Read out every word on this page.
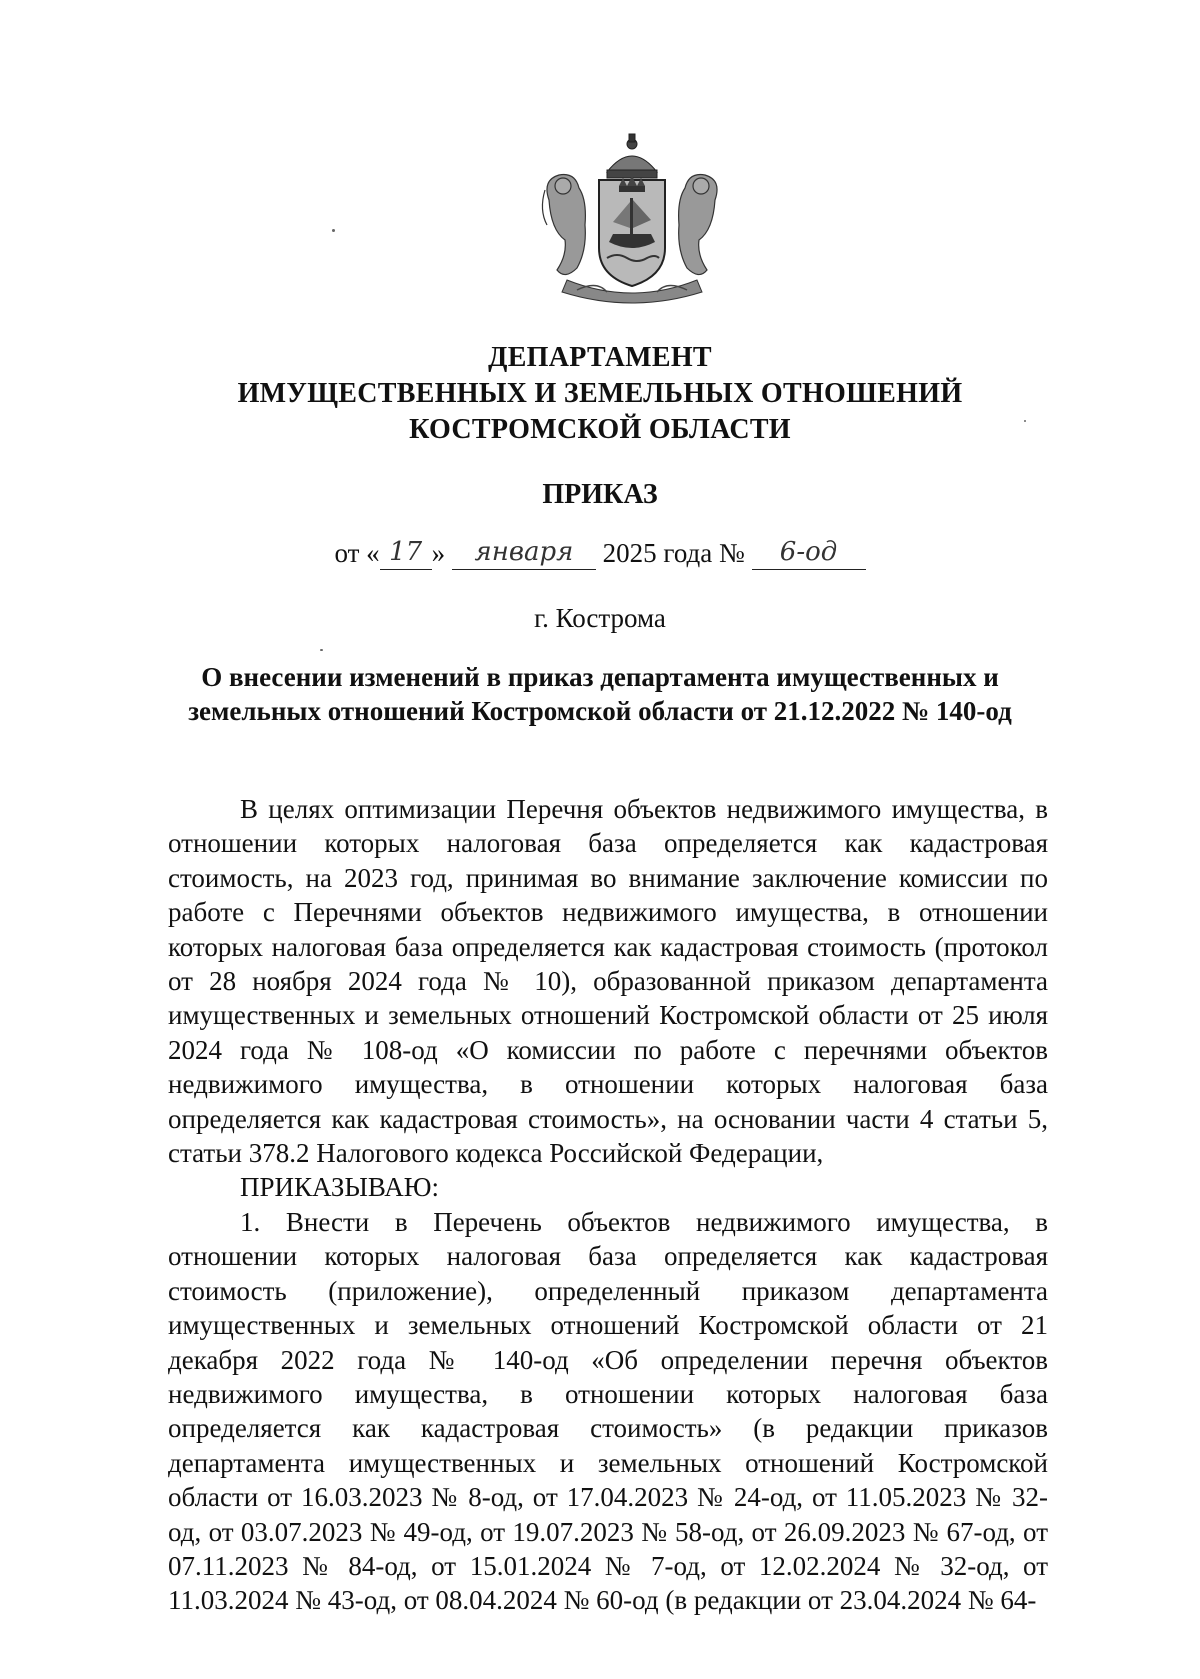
ДЕПАРТАМЕНТ
ИМУЩЕСТВЕННЫХ И ЗЕМЕЛЬНЫХ ОТНОШЕНИЙ
КОСТРОМСКОЙ ОБЛАСТИ
ПРИКАЗ
от « 17 » января 2025 года № 6-од
г. Кострома
О внесении изменений в приказ департамента имущественных и
земельных отношений Костромской области от 21.12.2022 № 140-од

В целях оптимизации Перечня объектов недвижимого имущества, в отношении которых налоговая база определяется как кадастровая стоимость, на 2023 год, принимая во внимание заключение комиссии по работе с Перечнями объектов недвижимого имущества, в отношении которых налоговая база определяется как кадастровая стоимость (протокол от 28 ноября 2024 года № 10), образованной приказом департамента имущественных и земельных отношений Костромской области от 25 июля 2024 года № 108-од «О комиссии по работе с перечнями объектов недвижимого имущества, в отношении которых налоговая база определяется как кадастровая стоимость», на основании части 4 статьи 5, статьи 378.2 Налогового кодекса Российской Федерации,

ПРИКАЗЫВАЮ:

1. Внести в Перечень объектов недвижимого имущества, в отношении которых налоговая база определяется как кадастровая стоимость (приложение), определенный приказом департамента имущественных и земельных отношений Костромской области от 21 декабря 2022 года № 140-од «Об определении перечня объектов недвижимого имущества, в отношении которых налоговая база определяется как кадастровая стоимость» (в редакции приказов департамента имущественных и земельных отношений Костромской области от 16.03.2023 № 8-од, от 17.04.2023 № 24-од, от 11.05.2023 № 32-од, от 03.07.2023 № 49-од, от 19.07.2023 № 58-од, от 26.09.2023 № 67-од, от 07.11.2023 № 84-од, от 15.01.2024 № 7-од, от 12.02.2024 № 32-од, от 11.03.2024 № 43-од, от 08.04.2024 № 60-од (в редакции от 23.04.2024 № 64-
